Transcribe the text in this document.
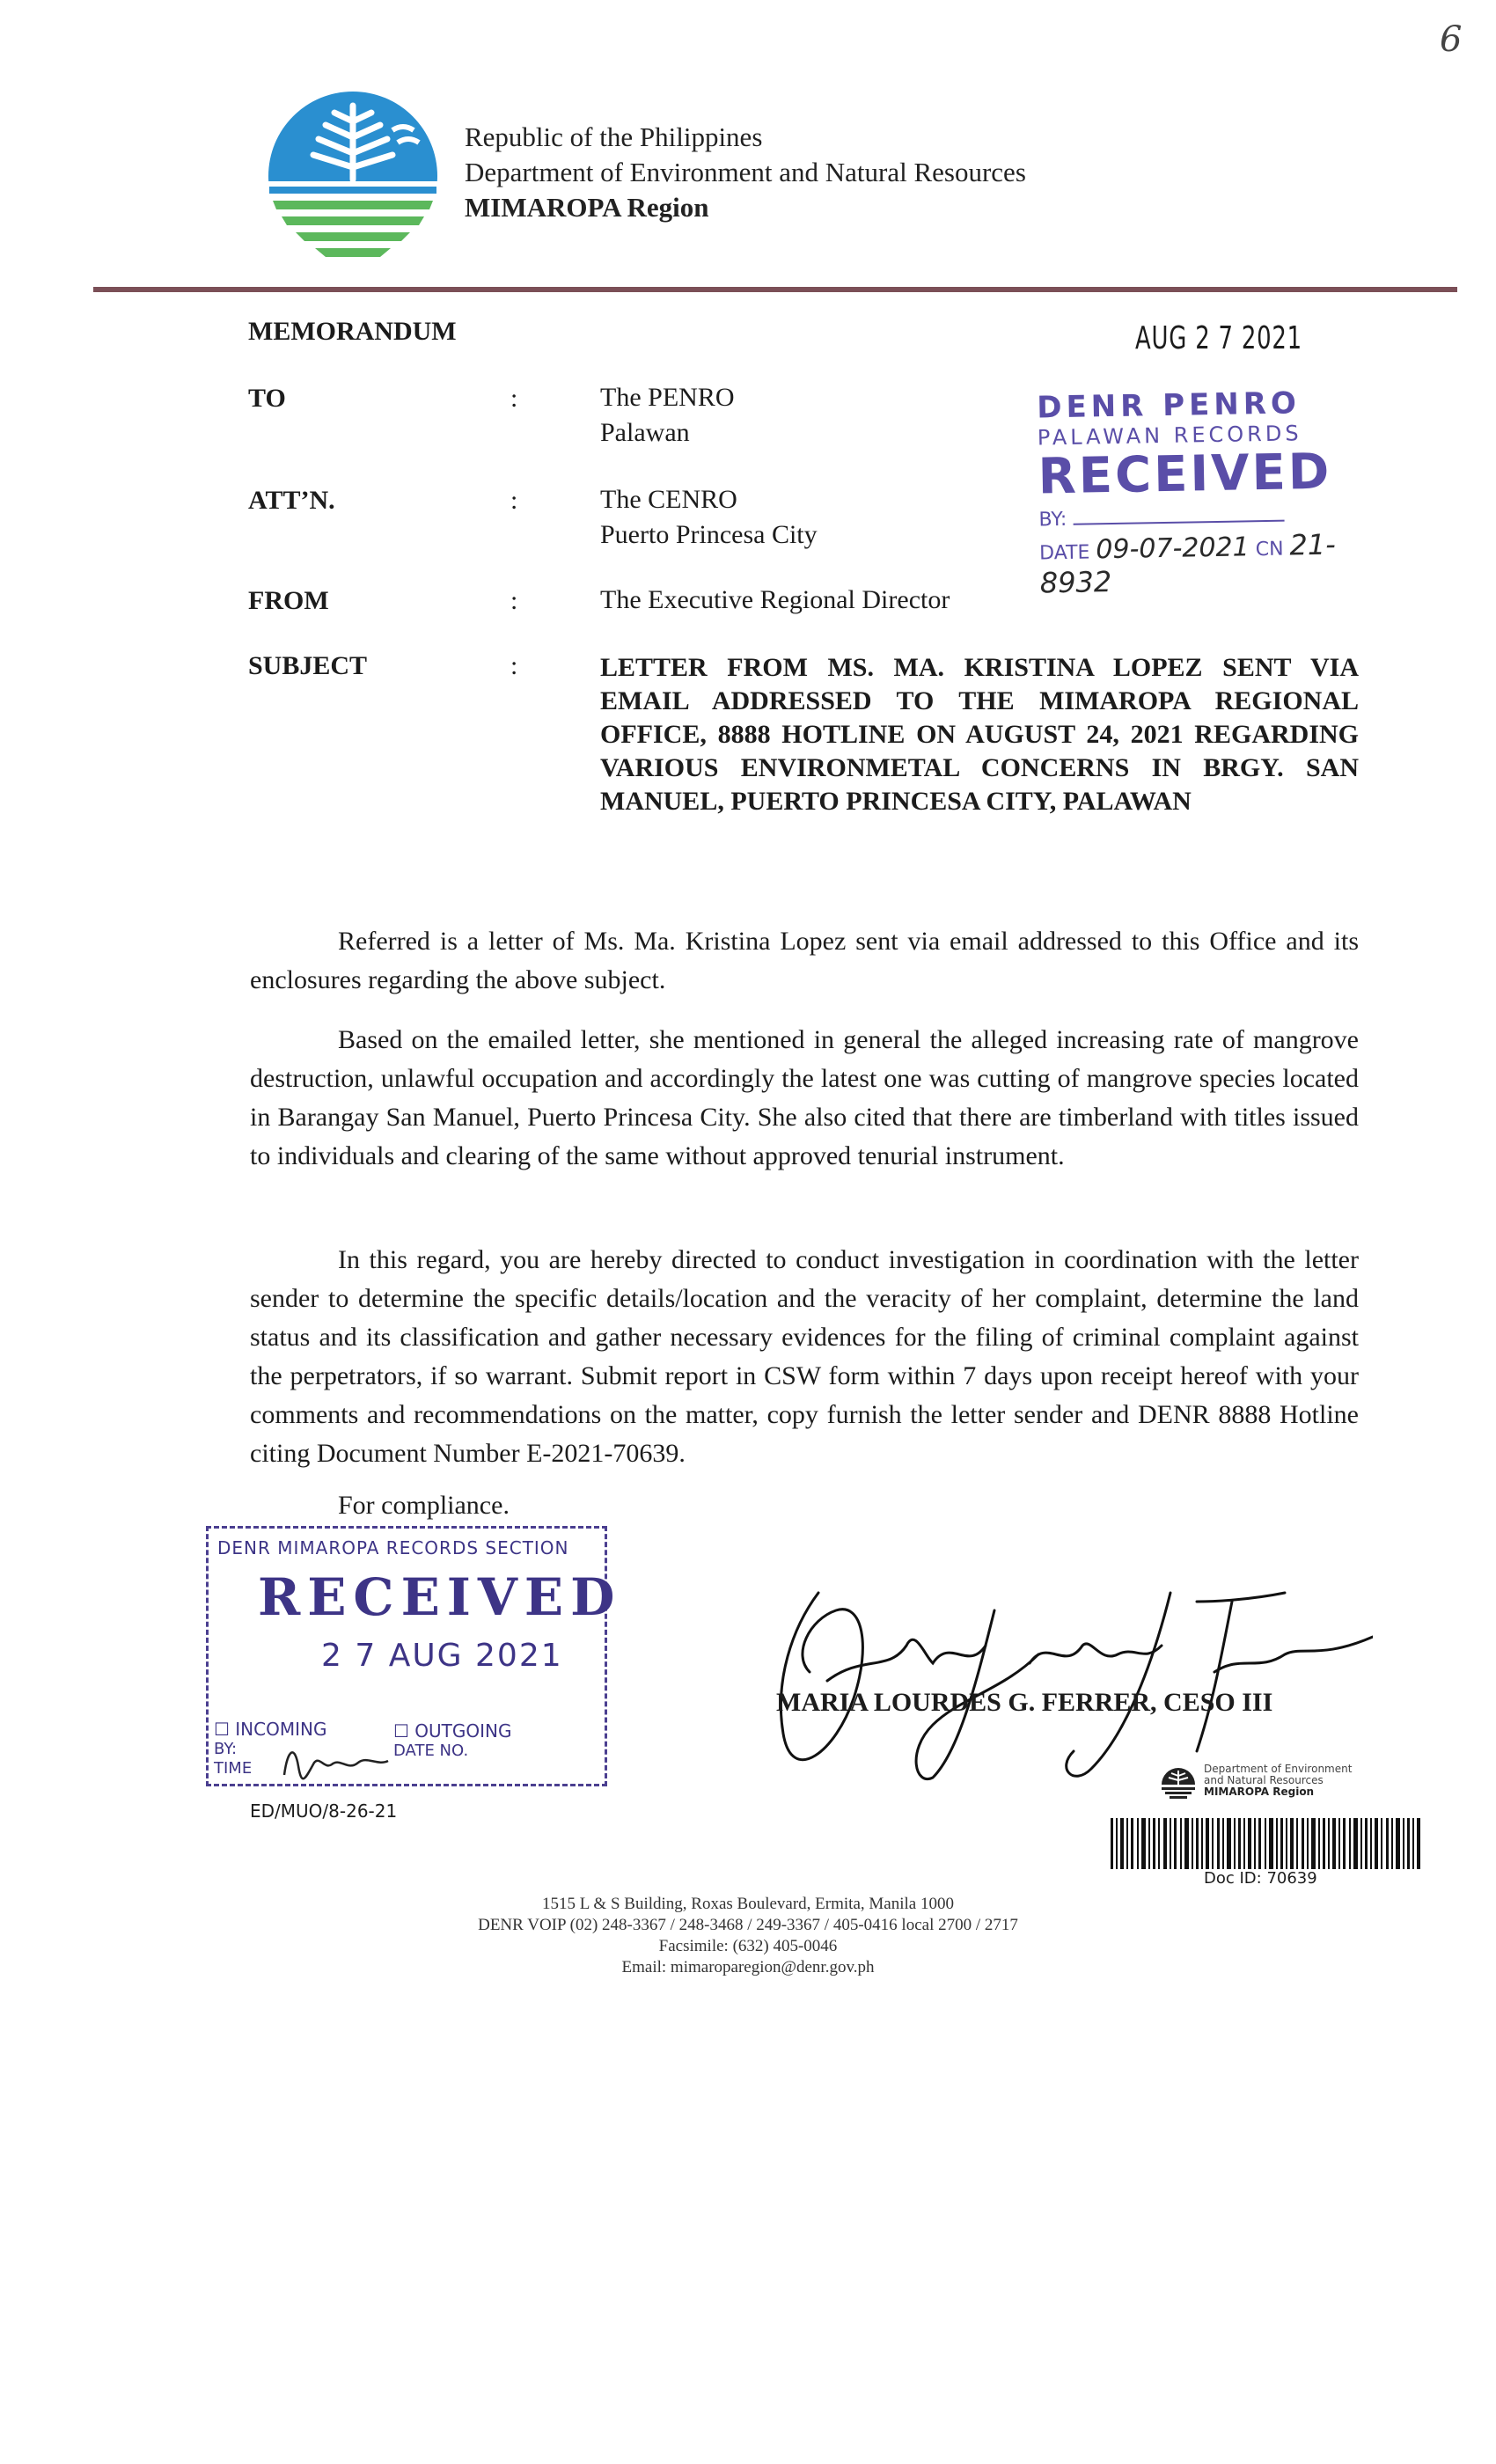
6
Republic of the Philippines
Department of Environment and Natural Resources
MIMAROPA Region
MEMORANDUM	AUG 2 7 2021
TO	:	The PENRO
Palawan
ATT’N.	:	The CENRO
Puerto Princesa City
FROM	:	The Executive Regional Director
SUBJECT	:	LETTER FROM MS. MA. KRISTINA LOPEZ SENT VIA EMAIL ADDRESSED TO THE MIMAROPA REGIONAL OFFICE, 8888 HOTLINE ON AUGUST 24, 2021 REGARDING VARIOUS ENVIRONMETAL CONCERNS IN BRGY. SAN MANUEL, PUERTO PRINCESA CITY, PALAWAN
DENR PENRO
PALAWAN RECORDS
RECEIVED
BY:
DATE 09-07-2021 CN 21-8932
Referred is a letter of Ms. Ma. Kristina Lopez sent via email addressed to this Office and its enclosures regarding the above subject.
Based on the emailed letter, she mentioned in general the alleged increasing rate of mangrove destruction, unlawful occupation and accordingly the latest one was cutting of mangrove species located in Barangay San Manuel, Puerto Princesa City. She also cited that there are timberland with titles issued to individuals and clearing of the same without approved tenurial instrument.
In this regard, you are hereby directed to conduct investigation in coordination with the letter sender to determine the specific details/location and the veracity of her complaint, determine the land status and its classification and gather necessary evidences for the filing of criminal complaint against the perpetrators, if so warrant. Submit report in CSW form within 7 days upon receipt hereof with your comments and recommendations on the matter, copy furnish the letter sender and DENR 8888 Hotline citing Document Number E-2021-70639.
For compliance.
DENR MIMAROPA RECORDS SECTION
RECEIVED
2 7 AUG 2021
☐ INCOMING	☐ OUTGOING
BY:	DATE NO.
TIME
ED/MUO/8-26-21
MARIA LOURDES G. FERRER, CESO III
Department of Environment
and Natural Resources
MIMAROPA Region
Doc ID: 70639
1515 L & S Building, Roxas Boulevard, Ermita, Manila 1000
DENR VOIP (02) 248-3367 / 248-3468 / 249-3367 / 405-0416 local 2700 / 2717
Facsimile: (632) 405-0046
Email: mimaroparegion@denr.gov.ph
